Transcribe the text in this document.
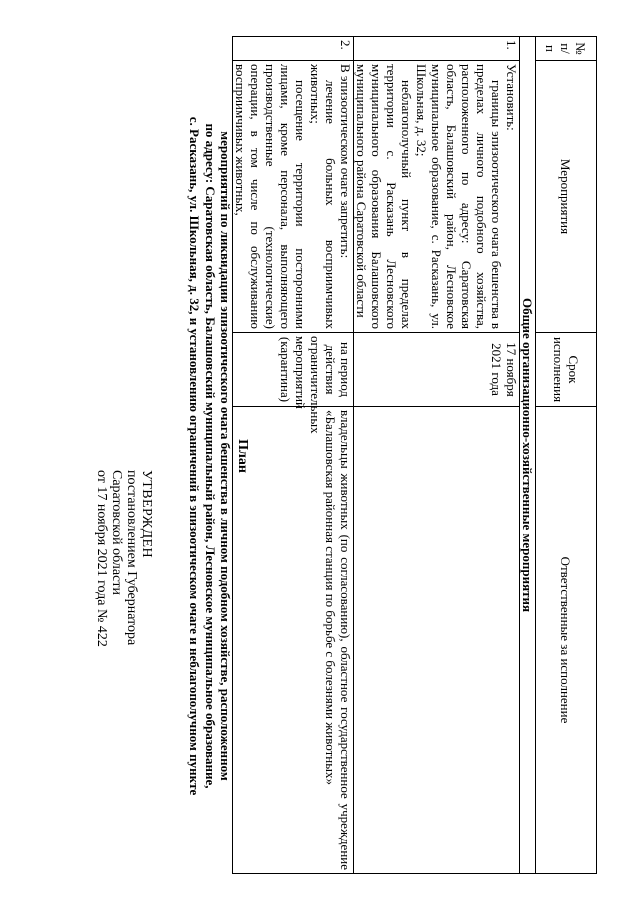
УТВЕРЖДЕН
постановлением Губернатора
Саратовской области
от 17 ноября 2021 года № 422
План
мероприятий по ликвидации эпизоотического очага бешенства в личном подобном хозяйстве, расположенном
по адресу: Саратовская область, Балашовский муниципальный район, Лесновское муниципальное образование,
с. Расказань, ул. Школьная, д. 32, и установлению ограничений в эпизоотическом очаге и неблагополучном пункте
№ п/п	Мероприятия	Срок исполнения	Ответственные за исполнение
Общие организационно-хозяйственные мероприятия			
1.	Установить:
границы эпизоотического очага бешенства в пределах личного подобного хозяйства, расположенного по адресу: Саратовская область, Балашовский район, Лесновское муниципальное образование, с. Расказань, ул. Школьная, д. 32;
неблагополучный пункт в пределах территории с. Расказань Лесновского муниципального образования Балашовского муниципального района Саратовской области	17 ноября 2021 года	
2.	В эпизоотическом очаге запретить:
лечение больных восприимчивых животных;
посещение территории посторонними лицами, кроме персонала, выполняющего производственные (технологические) операции, в том числе по обслуживанию восприимчивых животных,	на период действия ограничительных мероприятий (карантина)	владельцы животных (по согласованию), областное государственное учреждение «Балашовская районная станция по борьбе с болезнями животных»
